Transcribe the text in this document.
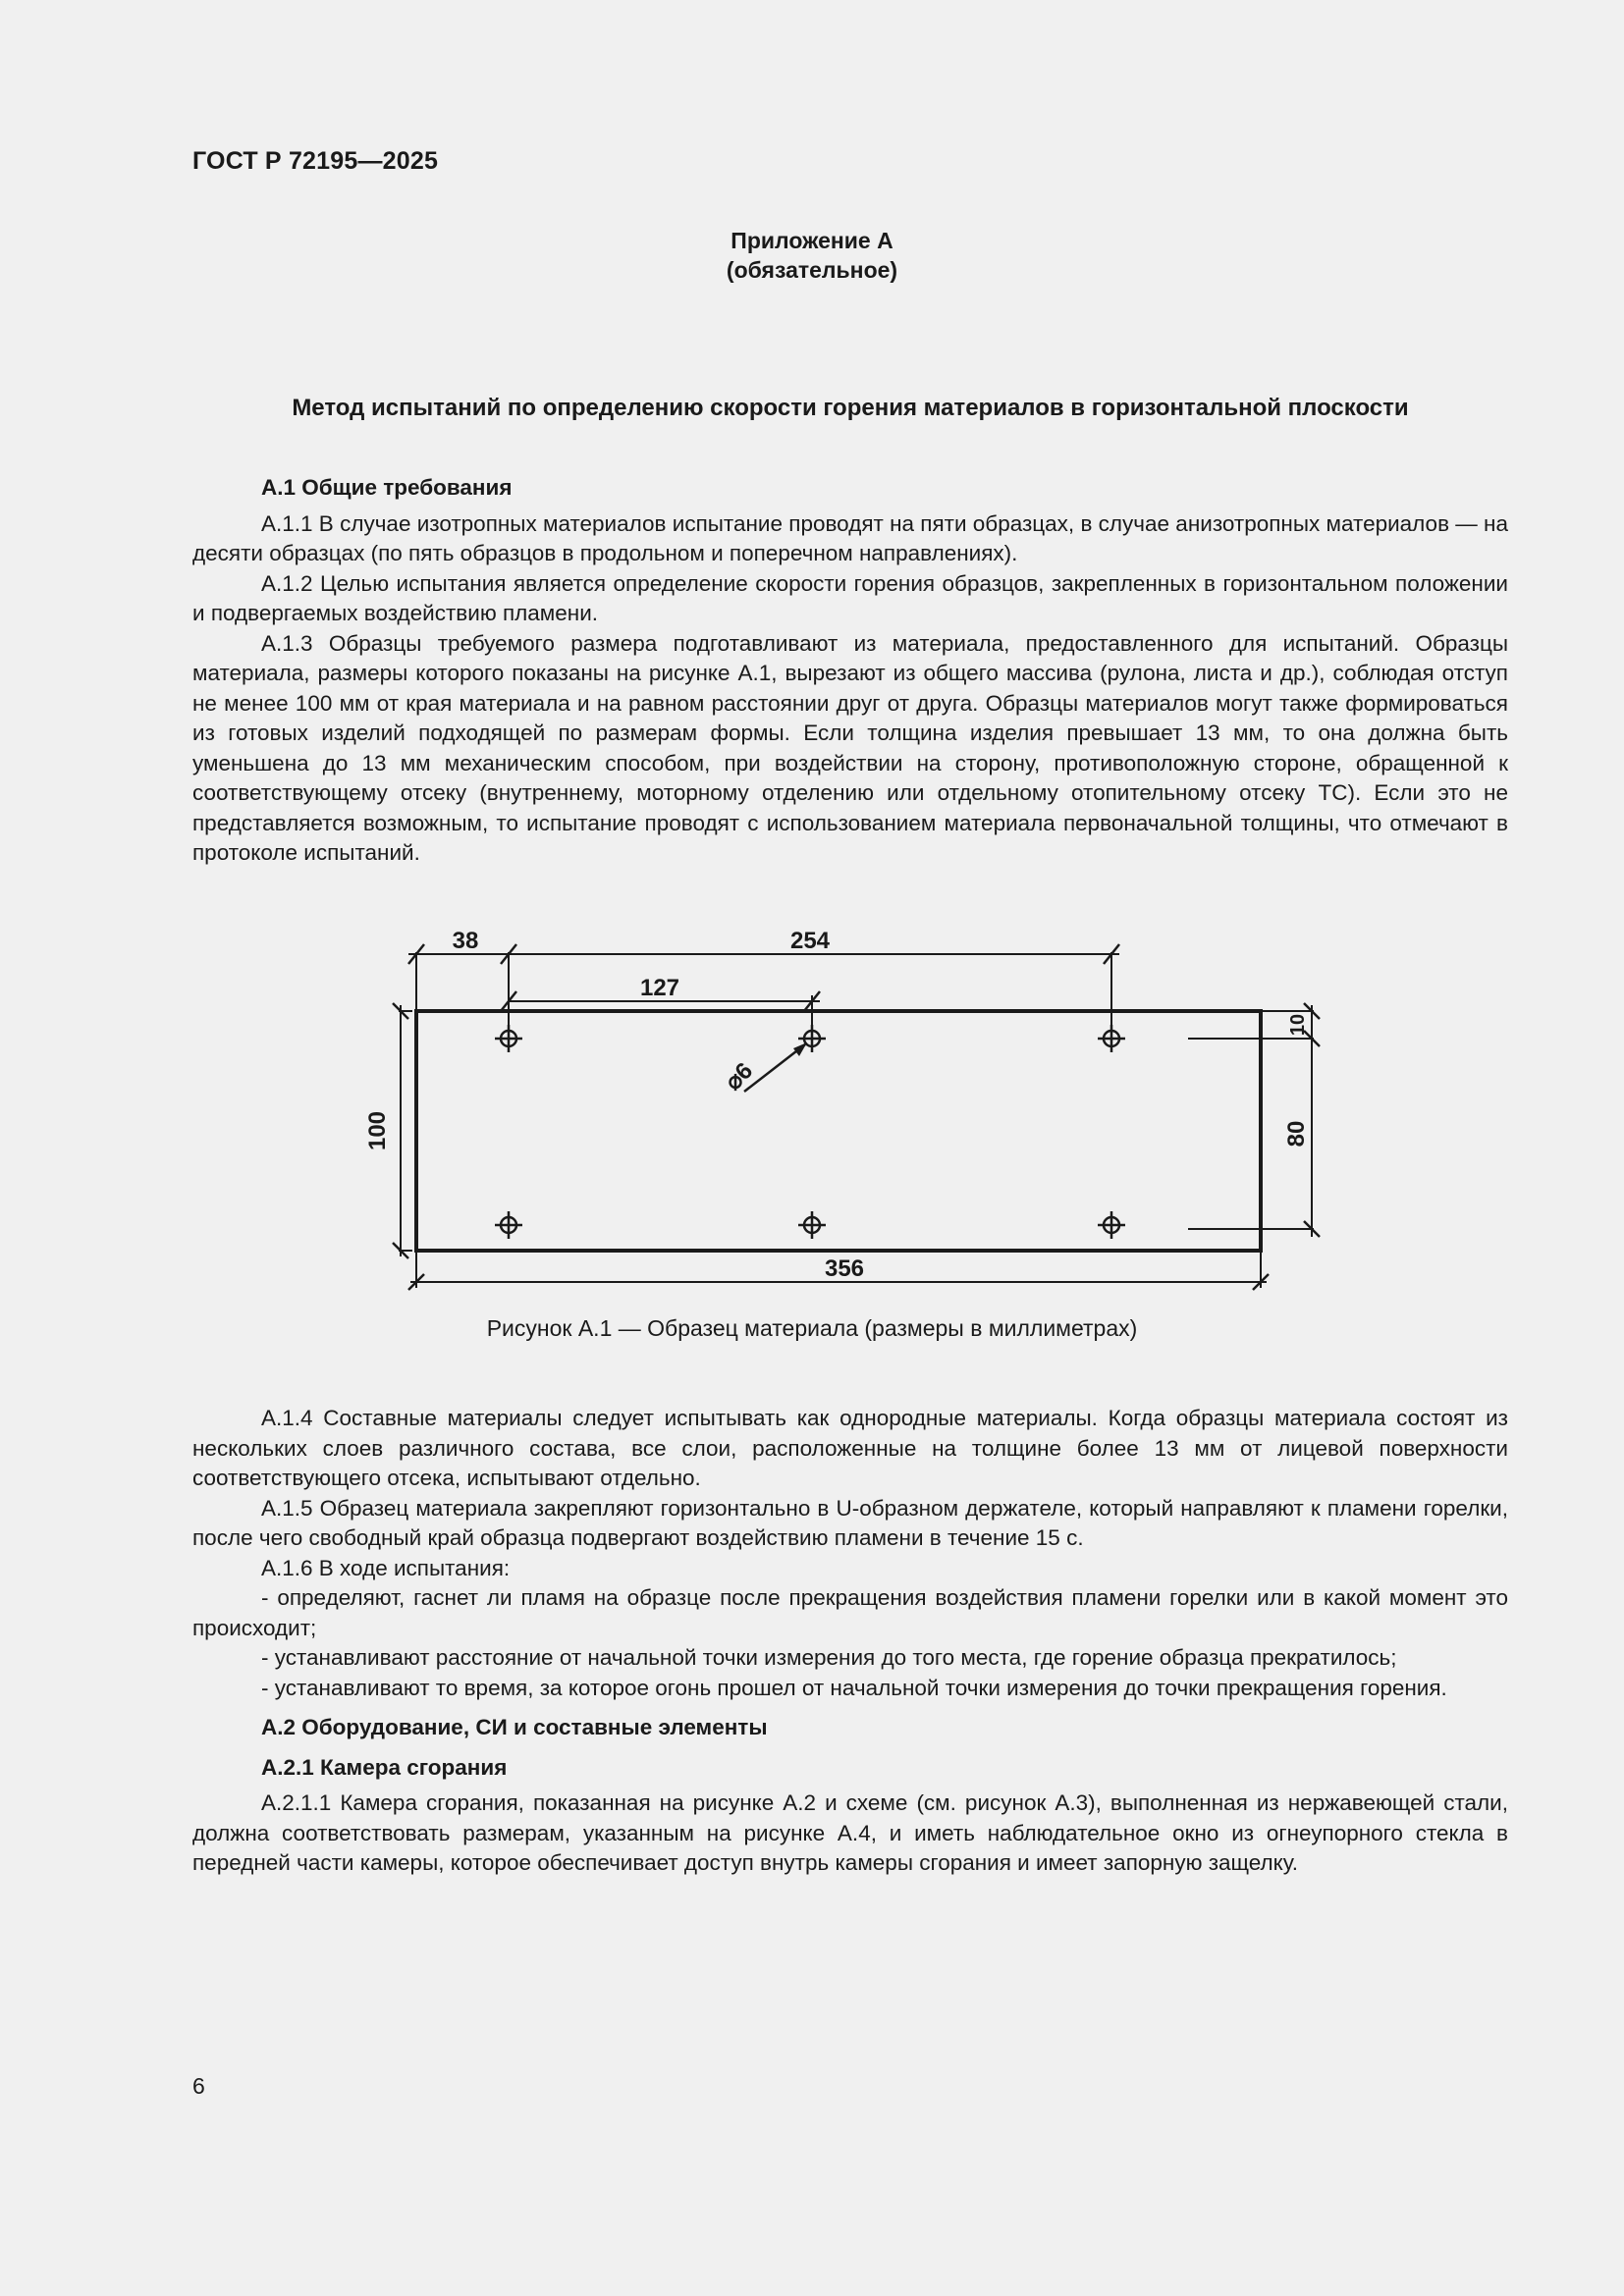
ГОСТ Р 72195—2025
Приложение А
(обязательное)
Метод испытаний по определению скорости горения материалов в горизонтальной плоскости

А.1 Общие требования

А.1.1 В случае изотропных материалов испытание проводят на пяти образцах, в случае анизотропных материалов — на десяти образцах (по пять образцов в продольном и поперечном направлениях).

А.1.2 Целью испытания является определение скорости горения образцов, закрепленных в горизонтальном положении и подвергаемых воздействию пламени.

А.1.3 Образцы требуемого размера подготавливают из материала, предоставленного для испытаний. Образцы материала, размеры которого показаны на рисунке А.1, вырезают из общего массива (рулона, листа и др.), соблюдая отступ не менее 100 мм от края материала и на равном расстоянии друг от друга. Образцы материалов могут также формироваться из готовых изделий подходящей по размерам формы. Если толщина изделия превышает 13 мм, то она должна быть уменьшена до 13 мм механическим способом, при воздействии на сторону, противоположную стороне, обращенной к соответствующему отсеку (внутреннему, моторному отделению или отдельному отопительному отсеку ТС). Если это не представляется возможным, то испытание проводят с использованием материала первоначальной толщины, что отмечают в протоколе испытаний.

38	254
127
⌀6
100
10
80
356
Рисунок А.1 — Образец материала (размеры в миллиметрах)

А.1.4 Составные материалы следует испытывать как однородные материалы. Когда образцы материала состоят из нескольких слоев различного состава, все слои, расположенные на толщине более 13 мм от лицевой поверхности соответствующего отсека, испытывают отдельно.

А.1.5 Образец материала закрепляют горизонтально в U-образном держателе, который направляют к пламени горелки, после чего свободный край образца подвергают воздействию пламени в течение 15 с.

А.1.6 В ходе испытания:

- определяют, гаснет ли пламя на образце после прекращения воздействия пламени горелки или в какой момент это происходит;

- устанавливают расстояние от начальной точки измерения до того места, где горение образца прекратилось;

- устанавливают то время, за которое огонь прошел от начальной точки измерения до точки прекращения горения.

А.2 Оборудование, СИ и составные элементы

А.2.1 Камера сгорания

А.2.1.1 Камера сгорания, показанная на рисунке А.2 и схеме (см. рисунок А.3), выполненная из нержавеющей стали, должна соответствовать размерам, указанным на рисунке А.4, и иметь наблюдательное окно из огнеупорного стекла в передней части камеры, которое обеспечивает доступ внутрь камеры сгорания и имеет запорную защелку.

6
